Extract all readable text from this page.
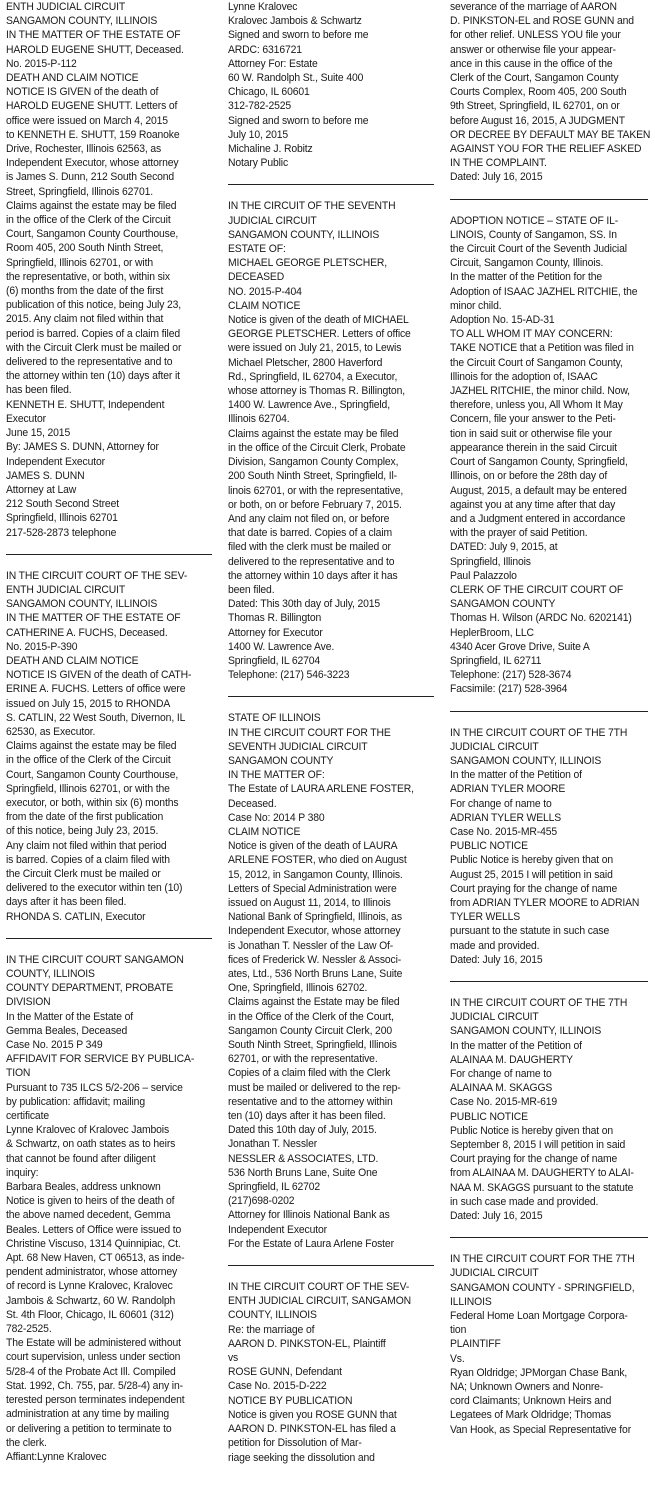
ENTH JUDICIAL CIRCUIT
SANGAMON COUNTY, ILLINOIS
IN THE MATTER OF THE ESTATE OF
HAROLD EUGENE SHUTT, Deceased.
No. 2015-P-112
DEATH AND CLAIM NOTICE
NOTICE IS GIVEN of the death of
HAROLD EUGENE SHUTT. Letters of
office were issued on March 4, 2015
to KENNETH E. SHUTT, 159 Roanoke
Drive, Rochester, Illinois 62563, as
Independent Executor, whose attorney
is James S. Dunn, 212 South Second
Street, Springfield, Illinois 62701.
Claims against the estate may be filed
in the office of the Clerk of the Circuit
Court, Sangamon County Courthouse,
Room 405, 200 South Ninth Street,
Springfield, Illinois 62701, or with
the representative, or both, within six
(6) months from the date of the first
publication of this notice, being July 23,
2015. Any claim not filed within that
period is barred. Copies of a claim filed
with the Circuit Clerk must be mailed or
delivered to the representative and to
the attorney within ten (10) days after it
has been filed.
KENNETH E. SHUTT, Independent
Executor
June 15, 2015
By: JAMES S. DUNN, Attorney for
Independent Executor
JAMES S. DUNN
Attorney at Law
212 South Second Street
Springfield, Illinois 62701
217-528-2873 telephone
IN THE CIRCUIT COURT OF THE SEV-
ENTH JUDICIAL CIRCUIT
SANGAMON COUNTY, ILLINOIS
IN THE MATTER OF THE ESTATE OF
CATHERINE A. FUCHS, Deceased.
No. 2015-P-390
DEATH AND CLAIM NOTICE
NOTICE IS GIVEN of the death of CATH-
ERINE A. FUCHS. Letters of office were
issued on July 15, 2015 to RHONDA
S. CATLIN, 22 West South, Divernon, IL
62530, as Executor.
Claims against the estate may be filed
in the office of the Clerk of the Circuit
Court, Sangamon County Courthouse,
Springfield, Illinois 62701, or with the
executor, or both, within six (6) months
from the date of the first publication
of this notice, being July 23, 2015.
Any claim not filed within that period
is barred. Copies of a claim filed with
the Circuit Clerk must be mailed or
delivered to the executor within ten (10)
days after it has been filed.
RHONDA S. CATLIN, Executor
IN THE CIRCUIT COURT SANGAMON
COUNTY, ILLINOIS
COUNTY DEPARTMENT, PROBATE
DIVISION
In the Matter of the Estate of
Gemma Beales, Deceased
Case No. 2015 P 349
AFFIDAVIT FOR SERVICE BY PUBLICA-
TION
Pursuant to 735 ILCS 5/2-206 – service
by publication: affidavit; mailing
certificate
Lynne Kralovec of Kralovec Jambois
& Schwartz, on oath states as to heirs
that cannot be found after diligent
inquiry:
Barbara Beales, address unknown
Notice is given to heirs of the death of
the above named decedent, Gemma
Beales. Letters of Office were issued to
Christine Viscuso, 1314 Quinnipiac, Ct.
Apt. 68 New Haven, CT 06513, as inde-
pendent administrator, whose attorney
of record is Lynne Kralovec, Kralovec
Jambois & Schwartz, 60 W. Randolph
St. 4th Floor, Chicago, IL 60601 (312)
782-2525.
The Estate will be administered without
court supervision, unless under section
5/28-4 of the Probate Act Ill. Compiled
Stat. 1992, Ch. 755, par. 5/28-4) any in-
terested person terminates independent
administration at any time by mailing
or delivering a petition to terminate to
the clerk.
Affiant:Lynne Kralovec
Lynne Kralovec
Kralovec Jambois & Schwartz
Signed and sworn to before me
ARDC: 6316721
Attorney For: Estate
60 W. Randolph St., Suite 400
Chicago, IL 60601
312-782-2525
Signed and sworn to before me
July 10, 2015
Michaline J. Robitz
Notary Public
IN THE CIRCUIT OF THE SEVENTH
JUDICIAL CIRCUIT
SANGAMON COUNTY, ILLINOIS
ESTATE OF:
MICHAEL GEORGE PLETSCHER,
DECEASED
NO. 2015-P-404
CLAIM NOTICE
Notice is given of the death of MICHAEL
GEORGE PLETSCHER. Letters of office
were issued on July 21, 2015, to Lewis
Michael Pletscher, 2800 Haverford
Rd., Springfield, IL 62704, a Executor,
whose attorney is Thomas R. Billington,
1400 W. Lawrence Ave., Springfield,
Illinois 62704.
Claims against the estate may be filed
in the office of the Circuit Clerk, Probate
Division, Sangamon County Complex,
200 South Ninth Street, Springfield, Il-
linois 62701, or with the representative,
or both, on or before February 7, 2015.
And any claim not filed on, or before
that date is barred. Copies of a claim
filed with the clerk must be mailed or
delivered to the representative and to
the attorney within 10 days after it has
been filed.
Dated: This 30th day of July, 2015
Thomas R. Billington
Attorney for Executor
1400 W. Lawrence Ave.
Springfield, IL 62704
Telephone: (217) 546-3223
STATE OF ILLINOIS
IN THE CIRCUIT COURT FOR THE
SEVENTH JUDICIAL CIRCUIT
SANGAMON COUNTY
IN THE MATTER OF:
The Estate of LAURA ARLENE FOSTER,
Deceased.
Case No: 2014 P 380
CLAIM NOTICE
Notice is given of the death of LAURA
ARLENE FOSTER, who died on August
15, 2012, in Sangamon County, Illinois.
Letters of Special Administration were
issued on August 11, 2014, to Illinois
National Bank of Springfield, Illinois, as
Independent Executor, whose attorney
is Jonathan T. Nessler of the Law Of-
fices of Frederick W. Nessler & Associ-
ates, Ltd., 536 North Bruns Lane, Suite
One, Springfield, Illinois 62702.
Claims against the Estate may be filed
in the Office of the Clerk of the Court,
Sangamon County Circuit Clerk, 200
South Ninth Street, Springfield, Illinois
62701, or with the representative.
Copies of a claim filed with the Clerk
must be mailed or delivered to the rep-
resentative and to the attorney within
ten (10) days after it has been filed.
Dated this 10th day of July, 2015.
Jonathan T. Nessler
NESSLER & ASSOCIATES, LTD.
536 North Bruns Lane, Suite One
Springfield, IL 62702
(217)698-0202
Attorney for Illinois National Bank as
Independent Executor
For the Estate of Laura Arlene Foster
IN THE CIRCUIT COURT OF THE SEV-
ENTH JUDICIAL CIRCUIT, SANGAMON
COUNTY, ILLINOIS
Re: the marriage of
AARON D. PINKSTON-EL, Plaintiff
vs
ROSE GUNN, Defendant
Case No. 2015-D-222
NOTICE BY PUBLICATION
Notice is given you ROSE GUNN that
AARON D. PINKSTON-EL has filed a
petition for Dissolution of Mar-
riage seeking the dissolution and
severance of the marriage of AARON
D. PINKSTON-EL and ROSE GUNN and
for other relief. UNLESS YOU file your
answer or otherwise file your appear-
ance in this cause in the office of the
Clerk of the Court, Sangamon County
Courts Complex, Room 405, 200 South
9th Street, Springfield, IL 62701, on or
before August 16, 2015, A JUDGMENT
OR DECREE BY DEFAULT MAY BE TAKEN
AGAINST YOU FOR THE RELIEF ASKED
IN THE COMPLAINT.
Dated: July 16, 2015
ADOPTION NOTICE – STATE OF IL-
LINOIS, County of Sangamon, SS. In
the Circuit Court of the Seventh Judicial
Circuit, Sangamon County, Illinois.
In the matter of the Petition for the
Adoption of ISAAC JAZHEL RITCHIE, the
minor child.
Adoption No. 15-AD-31
TO ALL WHOM IT MAY CONCERN:
TAKE NOTICE that a Petition was filed in
the Circuit Court of Sangamon County,
Illinois for the adoption of, ISAAC
JAZHEL RITCHIE, the minor child. Now,
therefore, unless you, All Whom It May
Concern, file your answer to the Peti-
tion in said suit or otherwise file your
appearance therein in the said Circuit
Court of Sangamon County, Springfield,
Illinois, on or before the 28th day of
August, 2015, a default may be entered
against you at any time after that day
and a Judgment entered in accordance
with the prayer of said Petition.
DATED: July 9, 2015, at
Springfield, Illinois
Paul Palazzolo
CLERK OF THE CIRCUIT COURT OF
SANGAMON COUNTY
Thomas H. Wilson (ARDC No. 6202141)
HeplerBroom, LLC
4340 Acer Grove Drive, Suite A
Springfield, IL 62711
Telephone: (217) 528-3674
Facsimile: (217) 528-3964
IN THE CIRCUIT COURT OF THE 7TH
JUDICIAL CIRCUIT
SANGAMON COUNTY, ILLINOIS
In the matter of the Petition of
ADRIAN TYLER MOORE
For change of name to
ADRIAN TYLER WELLS
Case No. 2015-MR-455
PUBLIC NOTICE
Public Notice is hereby given that on
August 25, 2015 I will petition in said
Court praying for the change of name
from ADRIAN TYLER MOORE to ADRIAN
TYLER WELLS
pursuant to the statute in such case
made and provided.
Dated: July 16, 2015
IN THE CIRCUIT COURT OF THE 7TH
JUDICIAL CIRCUIT
SANGAMON COUNTY, ILLINOIS
In the matter of the Petition of
ALAINAA M. DAUGHERTY
For change of name to
ALAINAA M. SKAGGS
Case No. 2015-MR-619
PUBLIC NOTICE
Public Notice is hereby given that on
September 8, 2015 I will petition in said
Court praying for the change of name
from ALAINAA M. DAUGHERTY to ALAI-
NAA M. SKAGGS pursuant to the statute
in such case made and provided.
Dated: July 16, 2015
IN THE CIRCUIT COURT FOR THE 7TH
JUDICIAL CIRCUIT
SANGAMON COUNTY - SPRINGFIELD,
ILLINOIS
Federal Home Loan Mortgage Corpora-
tion
PLAINTIFF
Vs.
Ryan Oldridge; JPMorgan Chase Bank,
NA; Unknown Owners and Nonre-
cord Claimants; Unknown Heirs and
Legatees of Mark Oldridge; Thomas
Van Hook, as Special Representative for
